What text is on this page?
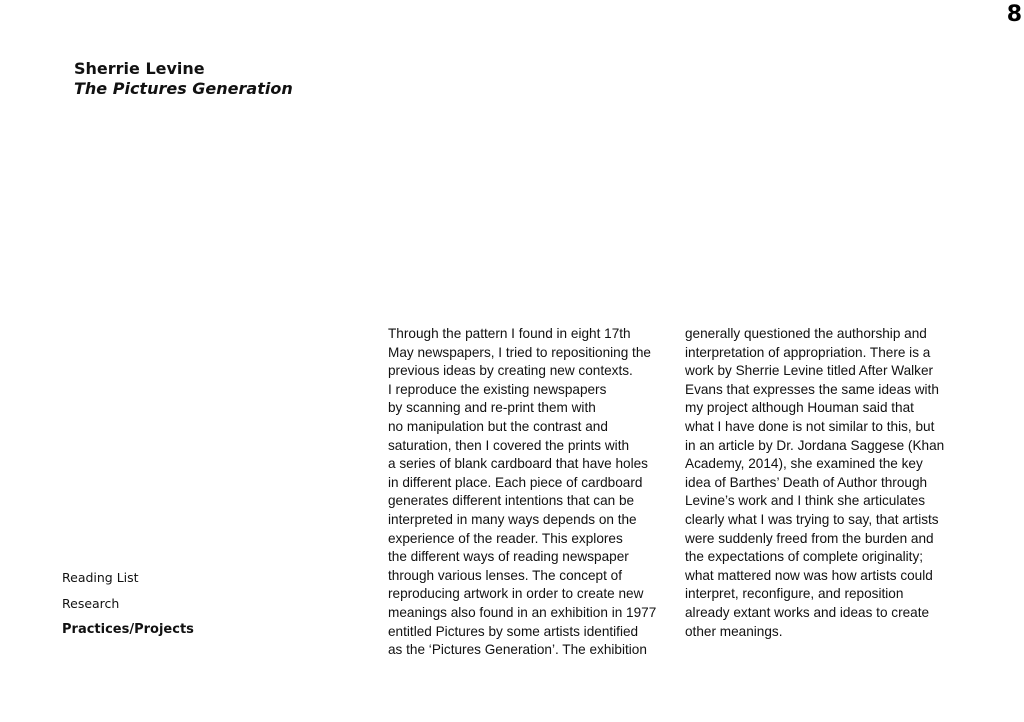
8

Sherrie Levine

The Pictures Generation

Reading List
Research
Practices/Projects
Through the pattern I found in eight 17th
May newspapers, I tried to repositioning the
previous ideas by creating new contexts.
I reproduce the existing newspapers
by scanning and re-print them with
no manipulation but the contrast and
saturation, then I covered the prints with
a series of blank cardboard that have holes
in different place. Each piece of cardboard
generates different intentions that can be
interpreted in many ways depends on the
experience of the reader. This explores
the different ways of reading newspaper
through various lenses. The concept of
reproducing artwork in order to create new
meanings also found in an exhibition in 1977
entitled Pictures by some artists identified
as the ‘Pictures Generation’. The exhibition
generally questioned the authorship and
interpretation of appropriation. There is a
work by Sherrie Levine titled After Walker
Evans that expresses the same ideas with
my project although Houman said that
what I have done is not similar to this, but
in an article by Dr. Jordana Saggese (Khan
Academy, 2014), she examined the key
idea of Barthes’ Death of Author through
Levine’s work and I think she articulates
clearly what I was trying to say, that artists
were suddenly freed from the burden and
the expectations of complete originality;
what mattered now was how artists could
interpret, reconfigure, and reposition
already extant works and ideas to create
other meanings.
